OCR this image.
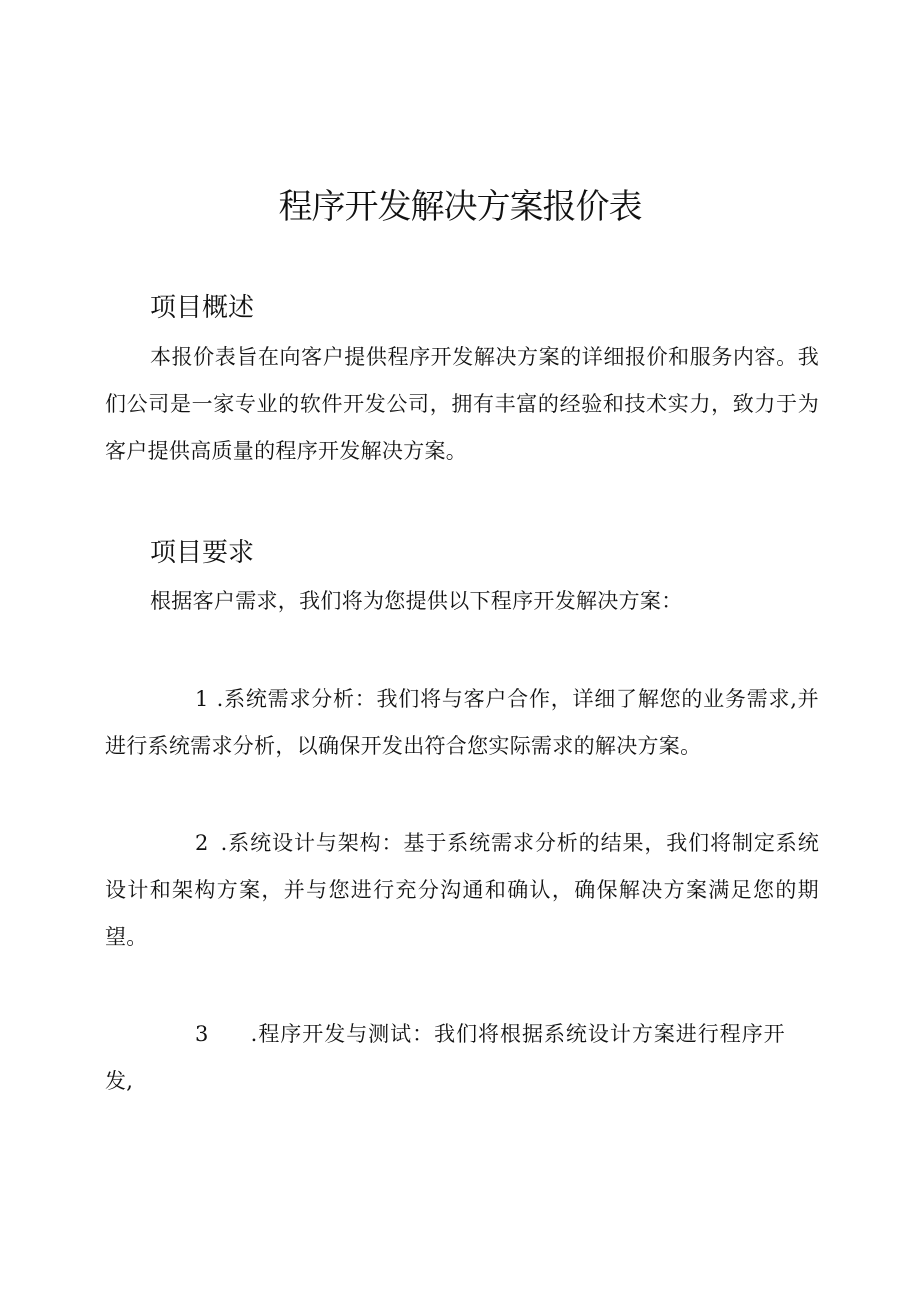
程序开发解决方案报价表
项目概述

本报价表旨在向客户提供程序开发解决方案的详细报价和服务内容。我们公司是一家专业的软件开发公司，拥有丰富的经验和技术实力，致力于为客户提供高质量的程序开发解决方案。

项目要求

根据客户需求，我们将为您提供以下程序开发解决方案：

1 .系统需求分析：我们将与客户合作，详细了解您的业务需求,并进行系统需求分析，以确保开发出符合您实际需求的解决方案。

2 .系统设计与架构：基于系统需求分析的结果，我们将制定系统设计和架构方案，并与您进行充分沟通和确认，确保解决方案满足您的期望。

3 .程序开发与测试：我们将根据系统设计方案进行程序开发,
